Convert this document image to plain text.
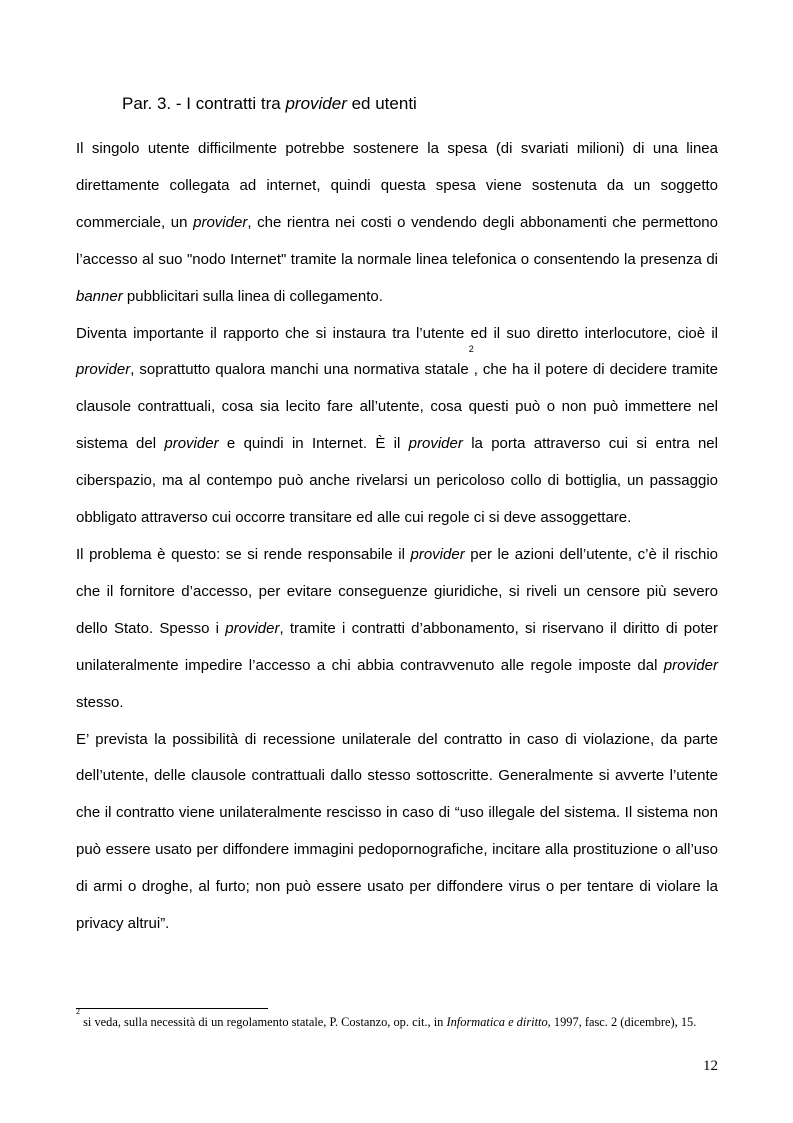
Par. 3. - I contratti tra provider ed utenti

Il singolo utente difficilmente potrebbe sostenere la spesa (di svariati milioni) di una linea direttamente collegata ad internet, quindi questa spesa viene sostenuta da un soggetto commerciale, un provider, che rientra nei costi o vendendo degli abbonamenti che permettono l’accesso al suo "nodo Internet" tramite la normale linea telefonica o consentendo la presenza di banner pubblicitari sulla linea di collegamento.

Diventa importante il rapporto che si instaura tra l’utente ed il suo diretto interlocutore, cioè il provider, soprattutto qualora manchi una normativa statale$^2$, che ha il potere di decidere tramite clausole contrattuali, cosa sia lecito fare all’utente, cosa questi può o non può immettere nel sistema del provider e quindi in Internet. È il provider la porta attraverso cui si entra nel ciberspazio, ma al contempo può anche rivelarsi un pericoloso collo di bottiglia, un passaggio obbligato attraverso cui occorre transitare ed alle cui regole ci si deve assoggettare.

Il problema è questo: se si rende responsabile il provider per le azioni dell’utente, c’è il rischio che il fornitore d’accesso, per evitare conseguenze giuridiche, si riveli un censore più severo dello Stato. Spesso i provider, tramite i contratti d’abbonamento, si riservano il diritto di poter unilateralmente impedire l’accesso a chi abbia contravvenuto alle regole imposte dal provider stesso.

E’ prevista la possibilità di recessione unilaterale del contratto in caso di violazione, da parte dell’utente, delle clausole contrattuali dallo stesso sottoscritte. Generalmente si avverte l’utente che il contratto viene unilateralmente rescisso in caso di “uso illegale del sistema. Il sistema non può essere usato per diffondere immagini pedopornografiche, incitare alla prostituzione o all’uso di armi o droghe, al furto; non può essere usato per diffondere virus o per tentare di violare la privacy altrui”.

$^2$ si veda, sulla necessità di un regolamento statale, P. Costanzo, op. cit., in Informatica e diritto, 1997, fasc. 2 (dicembre), 15.

12
